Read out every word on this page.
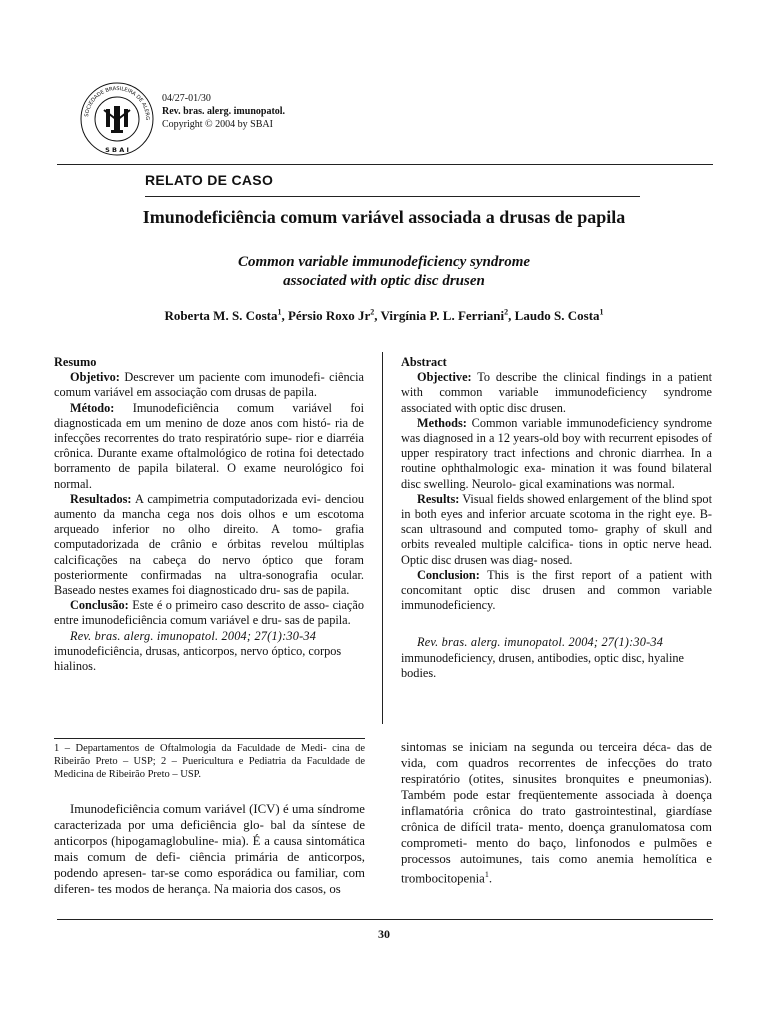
SOCIEDADE BRASILEIRA DE ALERG
S B A I
04/27-01/30
Rev. bras. alerg. imunopatol.
Copyright © 2004 by SBAI
RELATO DE CASO
Imunodeficiência comum variável associada a drusas de papila
Common variable immunodeficiency syndrome
associated with optic disc drusen
Roberta M. S. Costa$^1$, Pérsio Roxo Jr$^2$, Virgínia P. L. Ferriani$^2$, Laudo S. Costa$^1$
Resumo

Objetivo: Descrever um paciente com imunodefi- ciência comum variável em associação com drusas de papila.

Método: Imunodeficiência comum variável foi diagnosticada em um menino de doze anos com histó- ria de infecções recorrentes do trato respiratório supe- rior e diarréia crônica. Durante exame oftalmológico de rotina foi detectado borramento de papila bilateral. O exame neurológico foi normal.

Resultados: A campimetria computadorizada evi- denciou aumento da mancha cega nos dois olhos e um escotoma arqueado inferior no olho direito. A tomo- grafia computadorizada de crânio e órbitas revelou múltiplas calcificações na cabeça do nervo óptico que foram posteriormente confirmadas na ultra-sonografia ocular. Baseado nestes exames foi diagnosticado dru- sas de papila.

Conclusão: Este é o primeiro caso descrito de asso- ciação entre imunodeficiência comum variável e dru- sas de papila.

Rev. bras. alerg. imunopatol. 2004; 27(1):30-34

imunodeficiência, drusas, anticorpos, nervo óptico, corpos hialinos.

Abstract

Objective: To describe the clinical findings in a patient with common variable immunodeficiency syndrome associated with optic disc drusen.

Methods: Common variable immunodeficiency syndrome was diagnosed in a 12 years-old boy with recurrent episodes of upper respiratory tract infections and chronic diarrhea. In a routine ophthalmologic exa- mination it was found bilateral disc swelling. Neurolo- gical examinations was normal.

Results: Visual fields showed enlargement of the blind spot in both eyes and inferior arcuate scotoma in the right eye. B-scan ultrasound and computed tomo- graphy of skull and orbits revealed multiple calcifica- tions in optic nerve head. Optic disc drusen was diag- nosed.

Conclusion: This is the first report of a patient with concomitant optic disc drusen and common variable immunodeficiency.

Rev. bras. alerg. imunopatol. 2004; 27(1):30-34

immunodeficiency, drusen, antibodies, optic disc, hyaline bodies.

1 – Departamentos de Oftalmologia da Faculdade de Medi- cina de Ribeirão Preto – USP; 2 – Puericultura e Pediatria da Faculdade de Medicina de Ribeirão Preto – USP.

Imunodeficiência comum variável (ICV) é uma síndrome caracterizada por uma deficiência glo- bal da síntese de anticorpos (hipogamaglobuline- mia). É a causa sintomática mais comum de defi- ciência primária de anticorpos, podendo apresen- tar-se como esporádica ou familiar, com diferen- tes modos de herança. Na maioria dos casos, os

sintomas se iniciam na segunda ou terceira déca- das de vida, com quadros recorrentes de infecções do trato respiratório (otites, sinusites bronquites e pneumonias). Também pode estar freqüentemente associada à doença inflamatória crônica do trato gastrointestinal, giardíase crônica de difícil trata- mento, doença granulomatosa com comprometi- mento do baço, linfonodos e pulmões e processos autoimunes, tais como anemia hemolítica e trombocitopenia$^1$.

30
